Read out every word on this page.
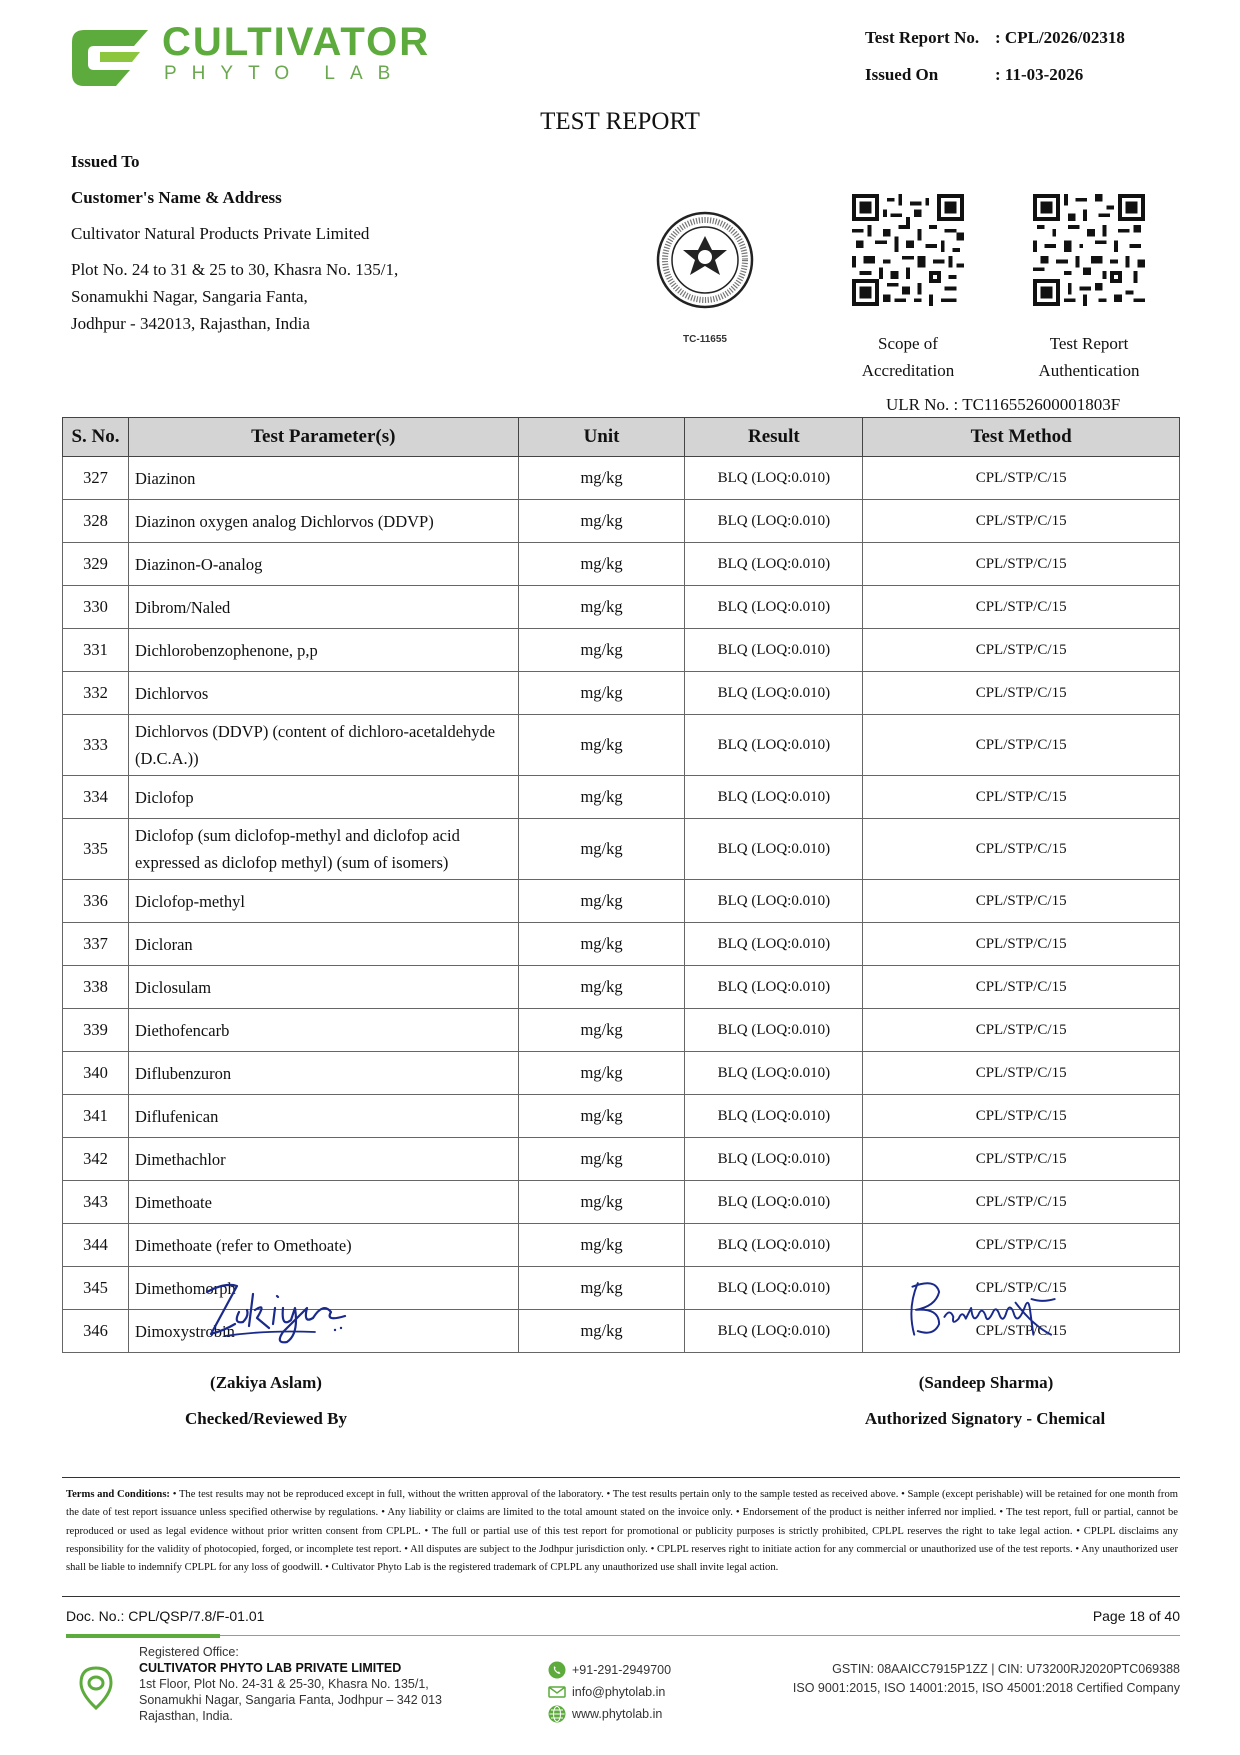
CULTIVATOR
PHYTO LAB
Test Report No. : CPL/2026/02318
Issued On	: 11-03-2026
TEST REPORT
Issued To
Customer's Name & Address
Cultivator Natural Products Private Limited
Plot No. 24 to 31 & 25 to 30, Khasra No. 135/1,
Sonamukhi Nagar, Sangaria Fanta,
Jodhpur - 342013, Rajasthan, India
TC-11655	Scope of
Accreditation
Test Report
Authentication
ULR No. : TC116552600001803F
S. No.	Test Parameter(s)	Unit	Result	Test Method
327	Diazinon	mg/kg	BLQ (LOQ:0.010)	CPL/STP/C/15
328	Diazinon oxygen analog Dichlorvos (DDVP)	mg/kg	BLQ (LOQ:0.010)	CPL/STP/C/15
329	Diazinon-O-analog	mg/kg	BLQ (LOQ:0.010)	CPL/STP/C/15
330	Dibrom/Naled	mg/kg	BLQ (LOQ:0.010)	CPL/STP/C/15
331	Dichlorobenzophenone, p,p	mg/kg	BLQ (LOQ:0.010)	CPL/STP/C/15
332	Dichlorvos	mg/kg	BLQ (LOQ:0.010)	CPL/STP/C/15
333	Dichlorvos (DDVP) (content of dichloro-acetaldehyde (D.C.A.))	mg/kg	BLQ (LOQ:0.010)	CPL/STP/C/15
334	Diclofop	mg/kg	BLQ (LOQ:0.010)	CPL/STP/C/15
335	Diclofop (sum diclofop-methyl and diclofop acid expressed as diclofop methyl) (sum of isomers)	mg/kg	BLQ (LOQ:0.010)	CPL/STP/C/15
336	Diclofop-methyl	mg/kg	BLQ (LOQ:0.010)	CPL/STP/C/15
337	Dicloran	mg/kg	BLQ (LOQ:0.010)	CPL/STP/C/15
338	Diclosulam	mg/kg	BLQ (LOQ:0.010)	CPL/STP/C/15
339	Diethofencarb	mg/kg	BLQ (LOQ:0.010)	CPL/STP/C/15
340	Diflubenzuron	mg/kg	BLQ (LOQ:0.010)	CPL/STP/C/15
341	Diflufenican	mg/kg	BLQ (LOQ:0.010)	CPL/STP/C/15
342	Dimethachlor	mg/kg	BLQ (LOQ:0.010)	CPL/STP/C/15
343	Dimethoate	mg/kg	BLQ (LOQ:0.010)	CPL/STP/C/15
344	Dimethoate (refer to Omethoate)	mg/kg	BLQ (LOQ:0.010)	CPL/STP/C/15
345	Dimethomorph	mg/kg	BLQ (LOQ:0.010)	CPL/STP/C/15
346	Dimoxystrobin	mg/kg	BLQ (LOQ:0.010)	CPL/STP/C/15
(Zakiya Aslam)
Checked/Reviewed By
(Sandeep Sharma)
Authorized Signatory - Chemical
Terms and Conditions: • The test results may not be reproduced except in full, without the written approval of the laboratory. • The test results pertain only to the sample tested as received above. • Sample (except perishable) will be retained for one month from the date of test report issuance unless specified otherwise by regulations. • Any liability or claims are limited to the total amount stated on the invoice only. • Endorsement of the product is neither inferred nor implied. • The test report, full or partial, cannot be reproduced or used as legal evidence without prior written consent from CPLPL. • The full or partial use of this test report for promotional or publicity purposes is strictly prohibited, CPLPL reserves the right to take legal action. • CPLPL disclaims any responsibility for the validity of photocopied, forged, or incomplete test report. • All disputes are subject to the Jodhpur jurisdiction only. • CPLPL reserves right to initiate action for any commercial or unauthorized use of the test reports. • Any unauthorized user shall be liable to indemnify CPLPL for any loss of goodwill. • Cultivator Phyto Lab is the registered trademark of CPLPL any unauthorized use shall invite legal action.
Doc. No.: CPL/QSP/7.8/F-01.01	Page 18 of 40
Registered Office:
CULTIVATOR PHYTO LAB PRIVATE LIMITED
1st Floor, Plot No. 24-31 & 25-30, Khasra No. 135/1,
Sonamukhi Nagar, Sangaria Fanta, Jodhpur – 342 013
Rajasthan, India.
+91-291-2949700
info@phytolab.in
www.phytolab.in
GSTIN: 08AAICC7915P1ZZ | CIN: U73200RJ2020PTC069388
ISO 9001:2015, ISO 14001:2015, ISO 45001:2018 Certified Company
